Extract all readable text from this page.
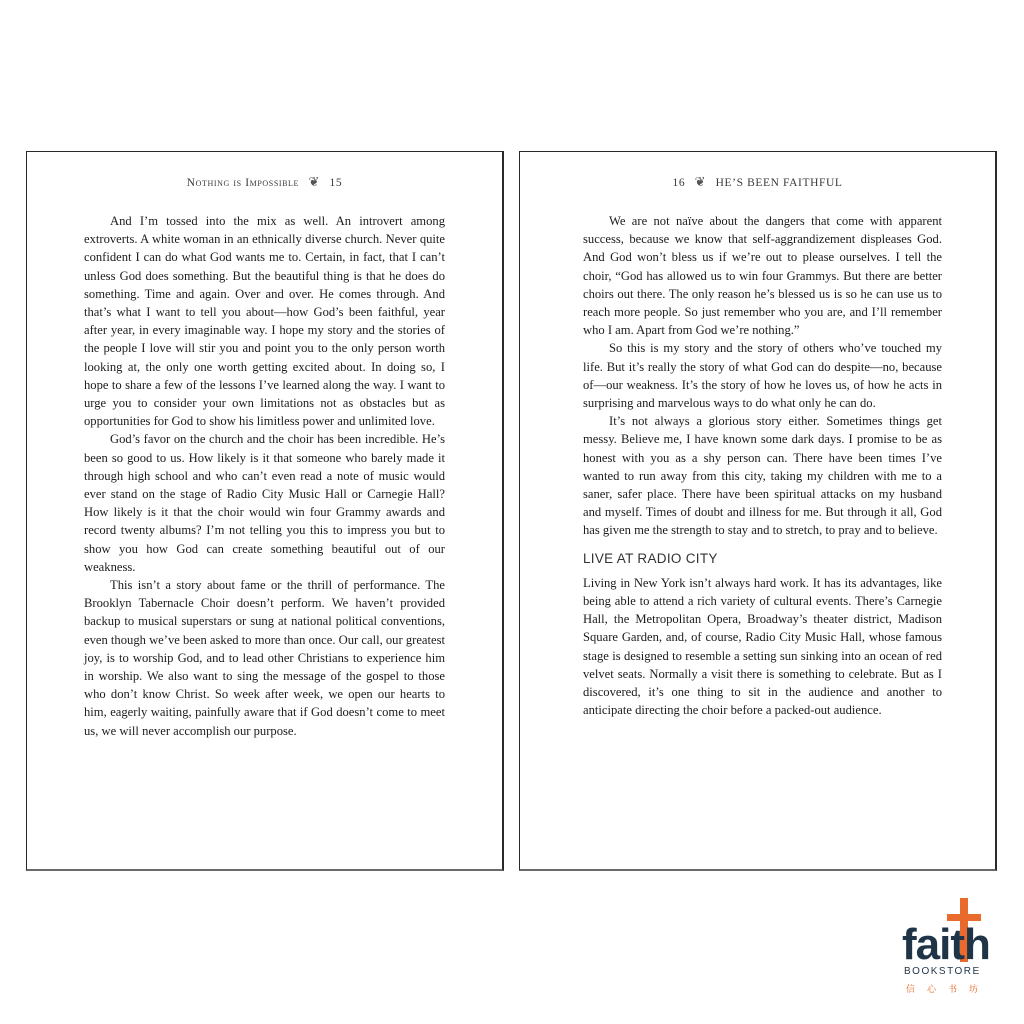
Nothing is Impossible ❦ 15

And I’m tossed into the mix as well. An introvert among extroverts. A white woman in an ethnically diverse church. Never quite confident I can do what God wants me to. Certain, in fact, that I can’t unless God does something. But the beautiful thing is that he does do something. Time and again. Over and over. He comes through. And that’s what I want to tell you about—how God’s been faithful, year after year, in every imaginable way. I hope my story and the stories of the people I love will stir you and point you to the only person worth looking at, the only one worth getting excited about. In doing so, I hope to share a few of the lessons I’ve learned along the way. I want to urge you to consider your own limitations not as obstacles but as opportunities for God to show his limitless power and unlimited love.

God’s favor on the church and the choir has been incredible. He’s been so good to us. How likely is it that someone who barely made it through high school and who can’t even read a note of music would ever stand on the stage of Radio City Music Hall or Carnegie Hall? How likely is it that the choir would win four Grammy awards and record twenty albums? I’m not telling you this to impress you but to show you how God can create something beautiful out of our weakness.

This isn’t a story about fame or the thrill of performance. The Brooklyn Tabernacle Choir doesn’t perform. We haven’t provided backup to musical superstars or sung at national political conventions, even though we’ve been asked to more than once. Our call, our greatest joy, is to worship God, and to lead other Christians to experience him in worship. We also want to sing the message of the gospel to those who don’t know Christ. So week after week, we open our hearts to him, eagerly waiting, painfully aware that if God doesn’t come to meet us, we will never accomplish our purpose.

16 ❦ HE’S BEEN FAITHFUL

We are not naïve about the dangers that come with apparent success, because we know that self-aggrandizement displeases God. And God won’t bless us if we’re out to please ourselves. I tell the choir, “God has allowed us to win four Grammys. But there are better choirs out there. The only reason he’s blessed us is so he can use us to reach more people. So just remember who you are, and I’ll remember who I am. Apart from God we’re nothing.”

So this is my story and the story of others who’ve touched my life. But it’s really the story of what God can do despite—no, because of—our weakness. It’s the story of how he loves us, of how he acts in surprising and marvelous ways to do what only he can do.

It’s not always a glorious story either. Sometimes things get messy. Believe me, I have known some dark days. I promise to be as honest with you as a shy person can. There have been times I’ve wanted to run away from this city, taking my children with me to a saner, safer place. There have been spiritual attacks on my husband and myself. Times of doubt and illness for me. But through it all, God has given me the strength to stay and to stretch, to pray and to believe.

LIVE AT RADIO CITY

Living in New York isn’t always hard work. It has its advantages, like being able to attend a rich variety of cultural events. There’s Carnegie Hall, the Metropolitan Opera, Broadway’s theater district, Madison Square Garden, and, of course, Radio City Music Hall, whose famous stage is designed to resemble a setting sun sinking into an ocean of red velvet seats. Normally a visit there is something to celebrate. But as I discovered, it’s one thing to sit in the audience and another to anticipate directing the choir before a packed-out audience.

faith
BOOKSTORE
信心书坊
